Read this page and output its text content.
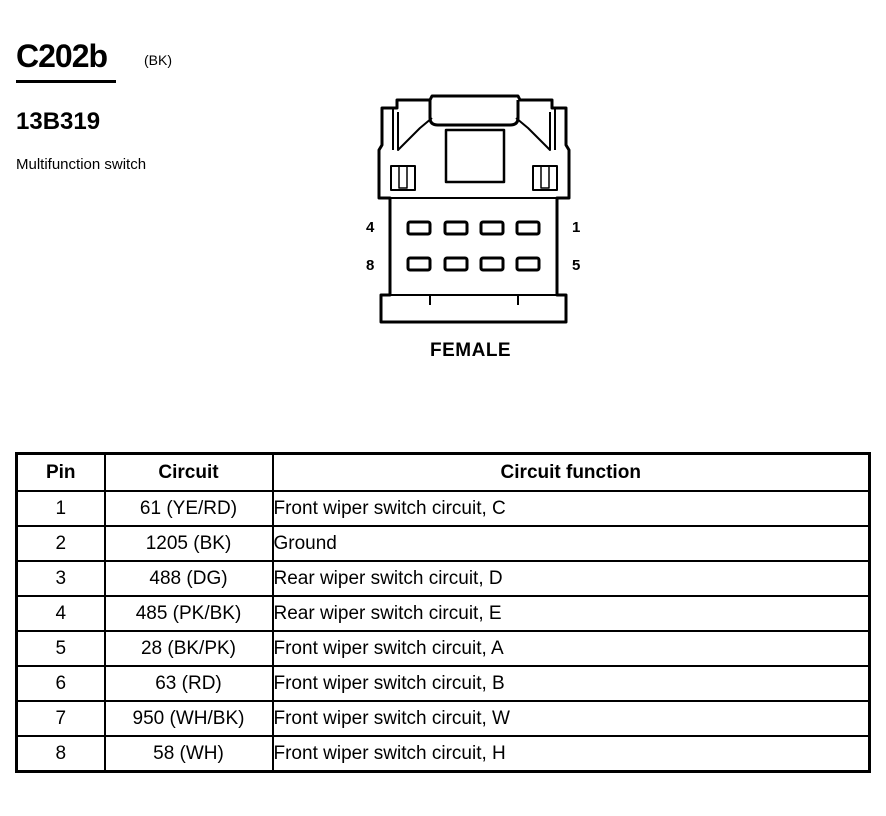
C202b	(BK)
13B319
Multifunction switch
4	1
8	5
FEMALE
Pin	Circuit	Circuit function
1	61 (YE/RD)	Front wiper switch circuit, C
2	1205 (BK)	Ground
3	488 (DG)	Rear wiper switch circuit, D
4	485 (PK/BK)	Rear wiper switch circuit, E
5	28 (BK/PK)	Front wiper switch circuit, A
6	63 (RD)	Front wiper switch circuit, B
7	950 (WH/BK)	Front wiper switch circuit, W
8	58 (WH)	Front wiper switch circuit, H
